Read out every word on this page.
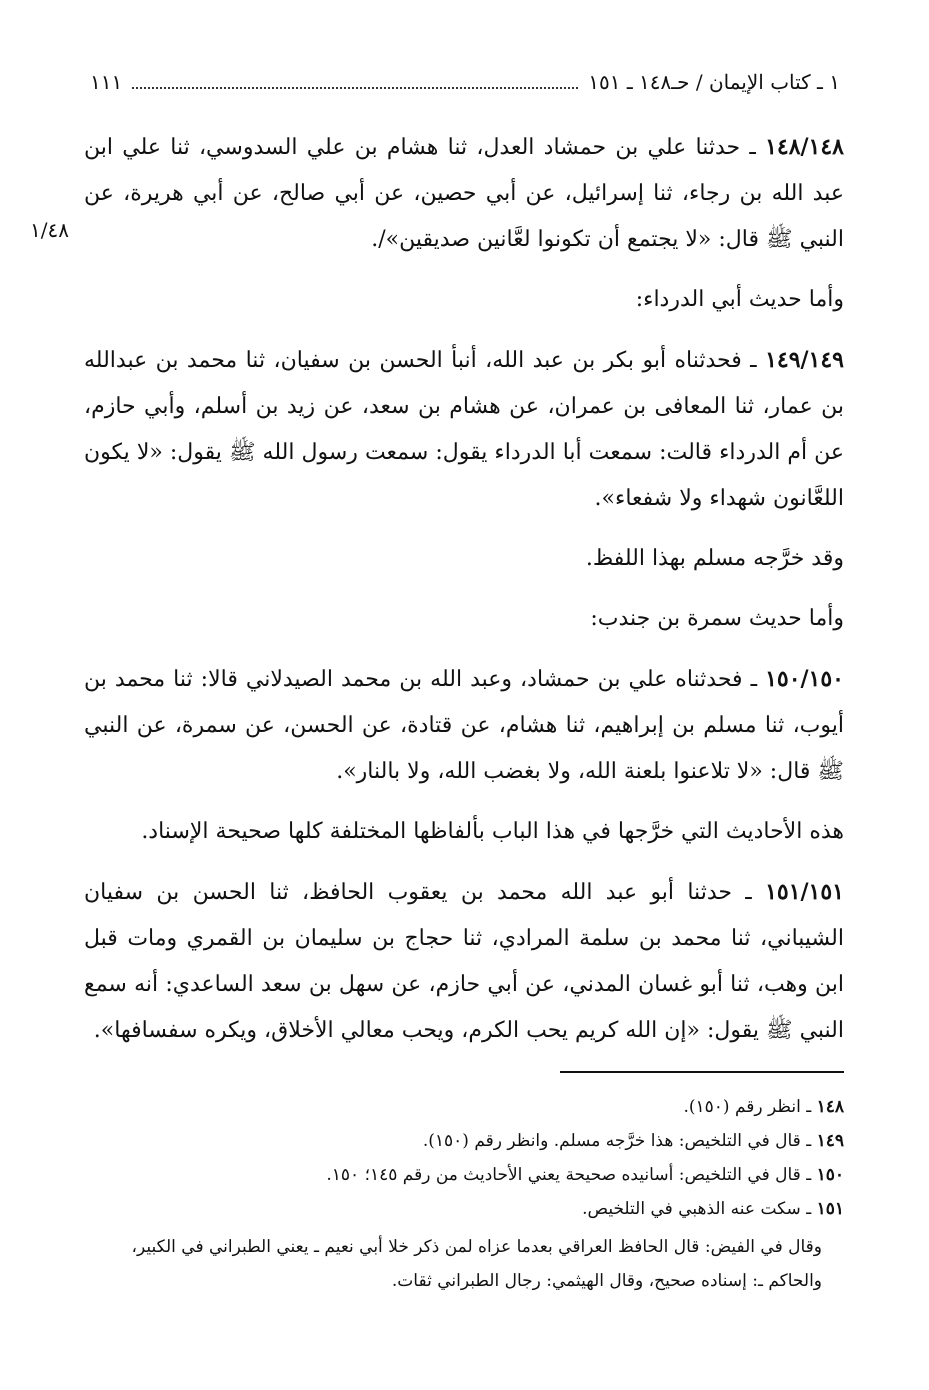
١ ـ كتاب الإيمان / حـ١٤٨ ـ ١٥١
١١١
١/٤٨

١٤٨/١٤٨ ـ حدثنا علي بن حمشاد العدل، ثنا هشام بن علي السدوسي، ثنا علي ابن عبد الله بن رجاء، ثنا إسرائيل، عن أبي حصين، عن أبي صالح، عن أبي هريرة، عن النبي ﷺ قال: «لا يجتمع أن تكونوا لعَّانين صديقين»/.

وأما حديث أبي الدرداء:

١٤٩/١٤٩ ـ فحدثناه أبو بكر بن عبد الله، أنبأ الحسن بن سفيان، ثنا محمد بن عبدالله بن عمار، ثنا المعافى بن عمران، عن هشام بن سعد، عن زيد بن أسلم، وأبي حازم، عن أم الدرداء قالت: سمعت أبا الدرداء يقول: سمعت رسول الله ﷺ يقول: «لا يكون اللعَّانون شهداء ولا شفعاء».

وقد خرَّجه مسلم بهذا اللفظ.

وأما حديث سمرة بن جندب:

١٥٠/١٥٠ ـ فحدثناه علي بن حمشاد، وعبد الله بن محمد الصيدلاني قالا: ثنا محمد بن أيوب، ثنا مسلم بن إبراهيم، ثنا هشام، عن قتادة، عن الحسن، عن سمرة، عن النبي ﷺ قال: «لا تلاعنوا بلعنة الله، ولا بغضب الله، ولا بالنار».

هذه الأحاديث التي خرَّجها في هذا الباب بألفاظها المختلفة كلها صحيحة الإسناد.

١٥١/١٥١ ـ حدثنا أبو عبد الله محمد بن يعقوب الحافظ، ثنا الحسن بن سفيان الشيباني، ثنا محمد بن سلمة المرادي، ثنا حجاج بن سليمان بن القمري ومات قبل ابن وهب، ثنا أبو غسان المدني، عن أبي حازم، عن سهل بن سعد الساعدي: أنه سمع النبي ﷺ يقول: «إن الله كريم يحب الكرم، ويحب معالي الأخلاق، ويكره سفسافها».

١٤٨ ـ انظر رقم (١٥٠).

١٤٩ ـ قال في التلخيص: هذا خرَّجه مسلم. وانظر رقم (١٥٠).

١٥٠ ـ قال في التلخيص: أسانيده صحيحة يعني الأحاديث من رقم ١٤٥؛ ١٥٠.

١٥١ ـ سكت عنه الذهبي في التلخيص.

وقال في الفيض: قال الحافظ العراقي بعدما عزاه لمن ذكر خلا أبي نعيم ـ يعني الطبراني في الكبير، والحاكم ـ: إسناده صحيح، وقال الهيثمي: رجال الطبراني ثقات.
